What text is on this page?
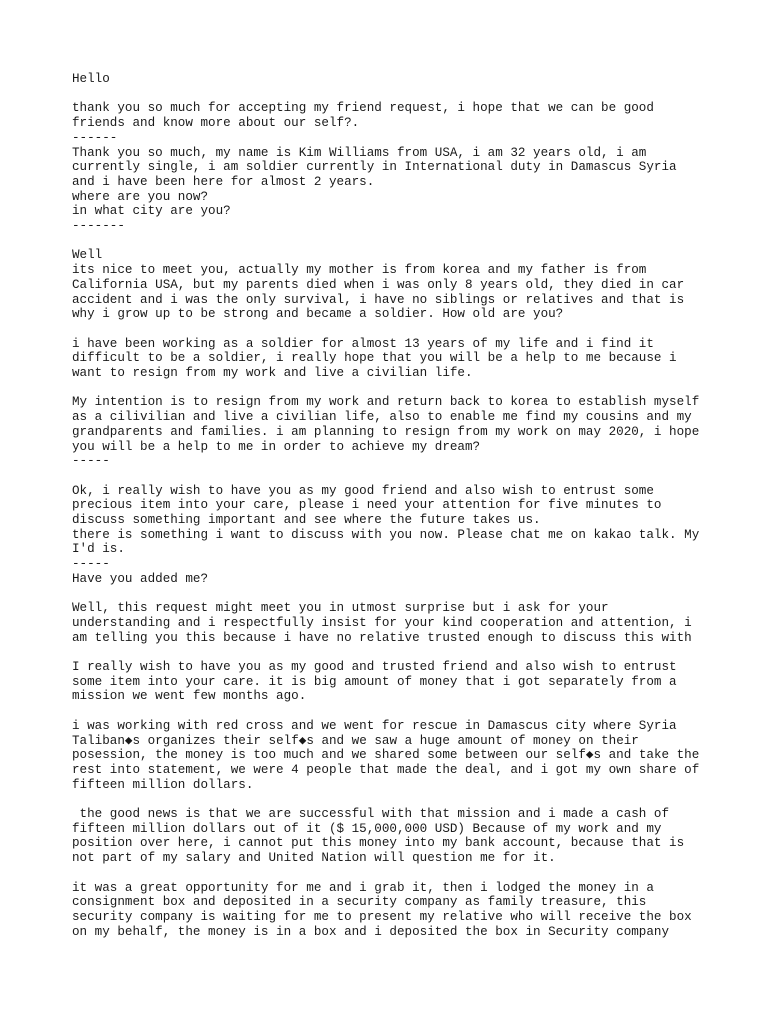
Hello
thank you so much for accepting my friend request, i hope that we can be good
friends and know more about our self?.
------
Thank you so much, my name is Kim Williams from USA, i am 32 years old, i am
currently single, i am soldier currently in International duty in Damascus Syria
and i have been here for almost 2 years.
where are you now?
in what city are you?
-------
Well
its nice to meet you, actually my mother is from korea and my father is from
California USA, but my parents died when i was only 8 years old, they died in car
accident and i was the only survival, i have no siblings or relatives and that is
why i grow up to be strong and became a soldier. How old are you?
i have been working as a soldier for almost 13 years of my life and i find it
difficult to be a soldier, i really hope that you will be a help to me because i
want to resign from my work and live a civilian life.
My intention is to resign from my work and return back to korea to establish myself
as a cilivilian and live a civilian life, also to enable me find my cousins and my
grandparents and families. i am planning to resign from my work on may 2020, i hope
you will be a help to me in order to achieve my dream?
-----
Ok, i really wish to have you as my good friend and also wish to entrust some
precious item into your care, please i need your attention for five minutes to
discuss something important and see where the future takes us.
there is something i want to discuss with you now. Please chat me on kakao talk. My
I'd is.
-----
Have you added me?
Well, this request might meet you in utmost surprise but i ask for your
understanding and i respectfully insist for your kind cooperation and attention, i
am telling you this because i have no relative trusted enough to discuss this with
I really wish to have you as my good and trusted friend and also wish to entrust
some item into your care. it is big amount of money that i got separately from a
mission we went few months ago.
i was working with red cross and we went for rescue in Damascus city where Syria
Taliban◆s organizes their self◆s and we saw a huge amount of money on their
posession, the money is too much and we shared some between our self◆s and take the
rest into statement, we were 4 people that made the deal, and i got my own share of
fifteen million dollars.
the good news is that we are successful with that mission and i made a cash of
fifteen million dollars out of it ($ 15,000,000 USD) Because of my work and my
position over here, i cannot put this money into my bank account, because that is
not part of my salary and United Nation will question me for it.
it was a great opportunity for me and i grab it, then i lodged the money in a
consignment box and deposited in a security company as family treasure, this
security company is waiting for me to present my relative who will receive the box
on my behalf, the money is in a box and i deposited the box in Security company
